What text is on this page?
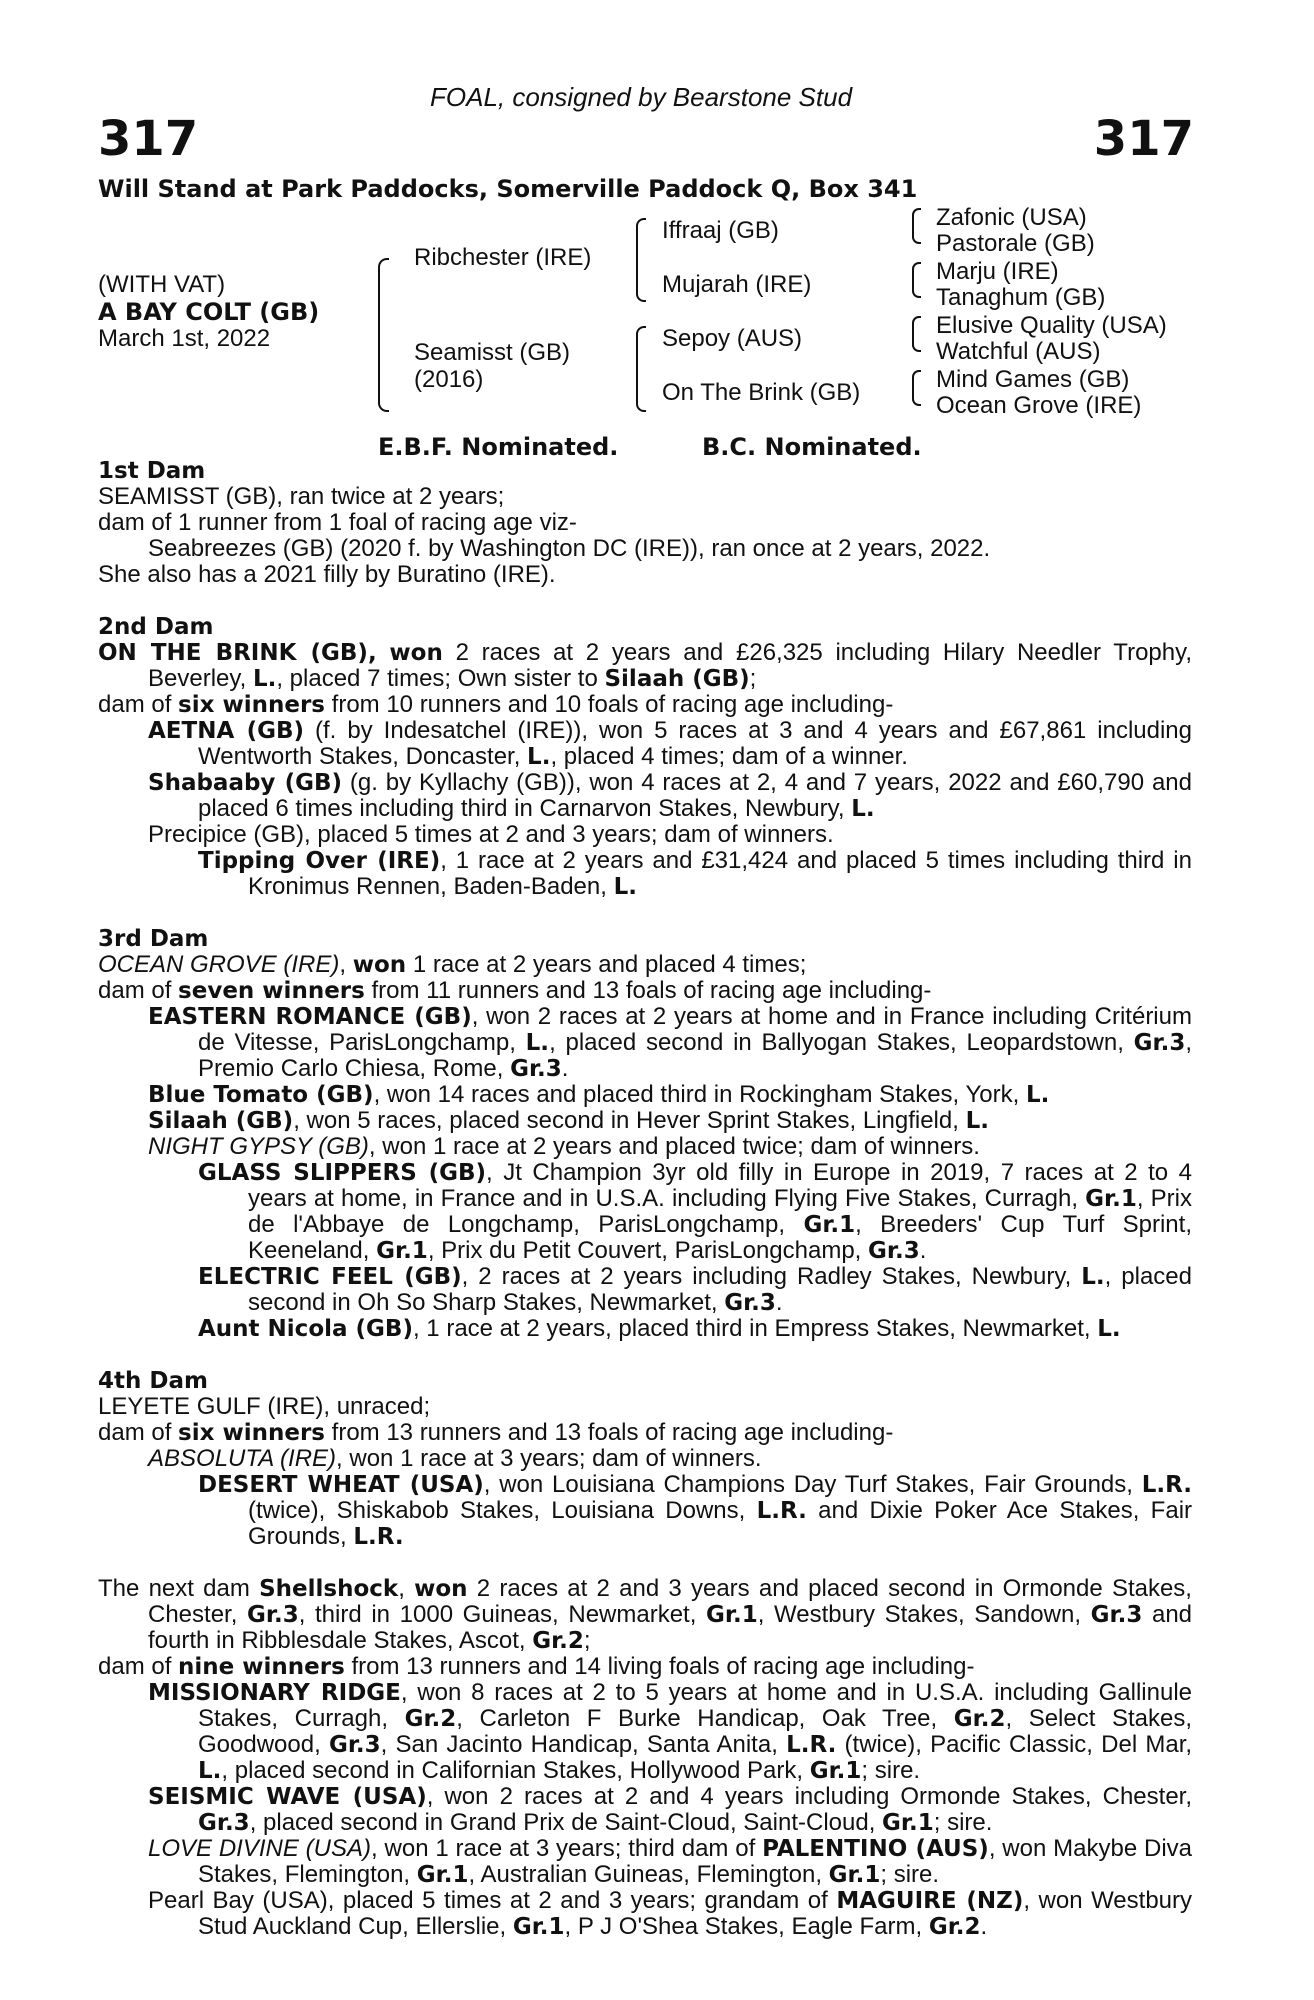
FOAL, consigned by Bearstone Stud
317	317
Will Stand at Park Paddocks, Somerville Paddock Q, Box 341
(WITH VAT)
A BAY COLT (GB)
March 1st, 2022
Ribchester (IRE)
Seamisst (GB)
(2016)
Iffraaj (GB)
Mujarah (IRE)
Sepoy (AUS)
On The Brink (GB)
Zafonic (USA)
Pastorale (GB)
Marju (IRE)
Tanaghum (GB)
Elusive Quality (USA)
Watchful (AUS)
Mind Games (GB)
Ocean Grove (IRE)
E.B.F. Nominated.	B.C. Nominated.
1st Dam
SEAMISST (GB), ran twice at 2 years;
dam of 1 runner from 1 foal of racing age viz-
Seabreezes (GB) (2020 f. by Washington DC (IRE)), ran once at 2 years, 2022.
She also has a 2021 filly by Buratino (IRE).
2nd Dam
ON THE BRINK (GB), won 2 races at 2 years and £26,325 including Hilary Needler Trophy, Beverley, L., placed 7 times; Own sister to Silaah (GB);
dam of six winners from 10 runners and 10 foals of racing age including-
AETNA (GB) (f. by Indesatchel (IRE)), won 5 races at 3 and 4 years and £67,861 including Wentworth Stakes, Doncaster, L., placed 4 times; dam of a winner.
Shabaaby (GB) (g. by Kyllachy (GB)), won 4 races at 2, 4 and 7 years, 2022 and £60,790 and placed 6 times including third in Carnarvon Stakes, Newbury, L.
Precipice (GB), placed 5 times at 2 and 3 years; dam of winners.
Tipping Over (IRE), 1 race at 2 years and £31,424 and placed 5 times including third in Kronimus Rennen, Baden-Baden, L.
3rd Dam
OCEAN GROVE (IRE), won 1 race at 2 years and placed 4 times;
dam of seven winners from 11 runners and 13 foals of racing age including-
EASTERN ROMANCE (GB), won 2 races at 2 years at home and in France including Critérium de Vitesse, ParisLongchamp, L., placed second in Ballyogan Stakes, Leopardstown, Gr.3, Premio Carlo Chiesa, Rome, Gr.3.
Blue Tomato (GB), won 14 races and placed third in Rockingham Stakes, York, L.
Silaah (GB), won 5 races, placed second in Hever Sprint Stakes, Lingfield, L.
NIGHT GYPSY (GB), won 1 race at 2 years and placed twice; dam of winners.
GLASS SLIPPERS (GB), Jt Champion 3yr old filly in Europe in 2019, 7 races at 2 to 4 years at home, in France and in U.S.A. including Flying Five Stakes, Curragh, Gr.1, Prix de l'Abbaye de Longchamp, ParisLongchamp, Gr.1, Breeders' Cup Turf Sprint, Keeneland, Gr.1, Prix du Petit Couvert, ParisLongchamp, Gr.3.
ELECTRIC FEEL (GB), 2 races at 2 years including Radley Stakes, Newbury, L., placed second in Oh So Sharp Stakes, Newmarket, Gr.3.
Aunt Nicola (GB), 1 race at 2 years, placed third in Empress Stakes, Newmarket, L.
4th Dam
LEYETE GULF (IRE), unraced;
dam of six winners from 13 runners and 13 foals of racing age including-
ABSOLUTA (IRE), won 1 race at 3 years; dam of winners.
DESERT WHEAT (USA), won Louisiana Champions Day Turf Stakes, Fair Grounds, L.R. (twice), Shiskabob Stakes, Louisiana Downs, L.R. and Dixie Poker Ace Stakes, Fair Grounds, L.R.
The next dam Shellshock, won 2 races at 2 and 3 years and placed second in Ormonde Stakes, Chester, Gr.3, third in 1000 Guineas, Newmarket, Gr.1, Westbury Stakes, Sandown, Gr.3 and fourth in Ribblesdale Stakes, Ascot, Gr.2;
dam of nine winners from 13 runners and 14 living foals of racing age including-
MISSIONARY RIDGE, won 8 races at 2 to 5 years at home and in U.S.A. including Gallinule Stakes, Curragh, Gr.2, Carleton F Burke Handicap, Oak Tree, Gr.2, Select Stakes, Goodwood, Gr.3, San Jacinto Handicap, Santa Anita, L.R. (twice), Pacific Classic, Del Mar, L., placed second in Californian Stakes, Hollywood Park, Gr.1; sire.
SEISMIC WAVE (USA), won 2 races at 2 and 4 years including Ormonde Stakes, Chester, Gr.3, placed second in Grand Prix de Saint-Cloud, Saint-Cloud, Gr.1; sire.
LOVE DIVINE (USA), won 1 race at 3 years; third dam of PALENTINO (AUS), won Makybe Diva Stakes, Flemington, Gr.1, Australian Guineas, Flemington, Gr.1; sire.
Pearl Bay (USA), placed 5 times at 2 and 3 years; grandam of MAGUIRE (NZ), won Westbury Stud Auckland Cup, Ellerslie, Gr.1, P J O'Shea Stakes, Eagle Farm, Gr.2.
